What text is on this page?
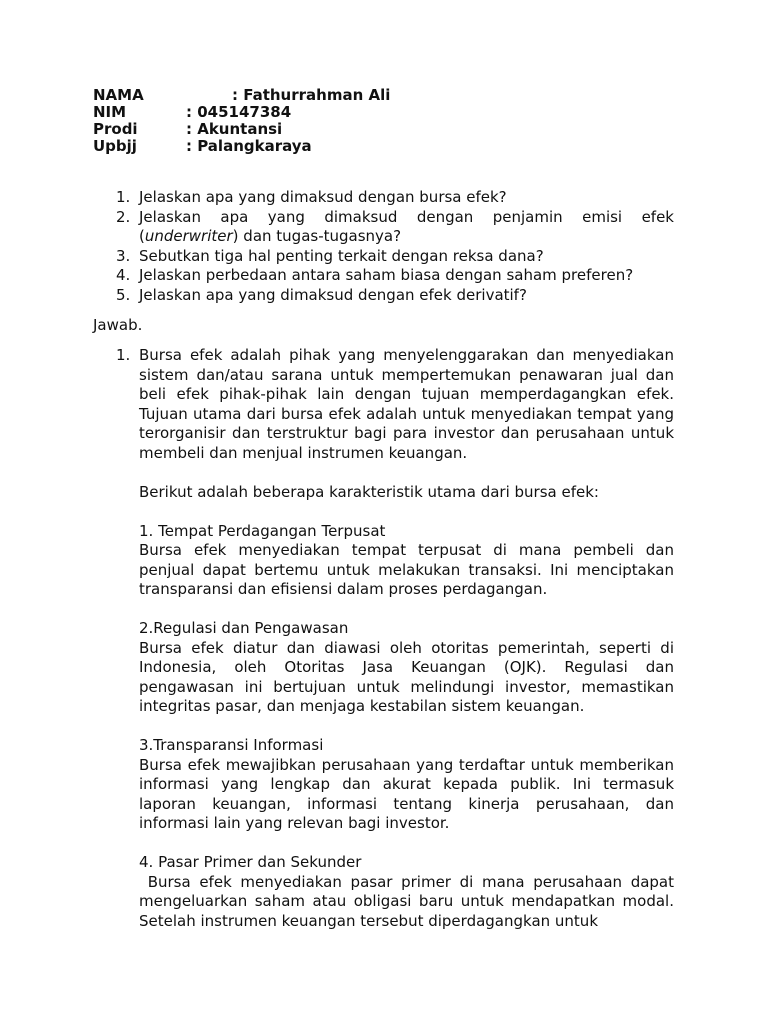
NAMA	: Fathurrahman Ali
NIM	: 045147384
Prodi	: Akuntansi
Upbjj	: Palangkaraya
1. Jelaskan apa yang dimaksud dengan bursa efek?
2. Jelaskan apa yang dimaksud dengan penjamin emisi efek (underwriter) dan tugas-tugasnya?
3. Sebutkan tiga hal penting terkait dengan reksa dana?
4. Jelaskan perbedaan antara saham biasa dengan saham preferen?
5. Jelaskan apa yang dimaksud dengan efek derivatif?
Jawab.
1. Bursa efek adalah pihak yang menyelenggarakan dan menyediakan sistem dan/atau sarana untuk mempertemukan penawaran jual dan beli efek pihak-pihak lain dengan tujuan memperdagangkan efek. Tujuan utama dari bursa efek adalah untuk menyediakan tempat yang terorganisir dan terstruktur bagi para investor dan perusahaan untuk membeli dan menjual instrumen keuangan.

Berikut adalah beberapa karakteristik utama dari bursa efek:

1. Tempat Perdagangan Terpusat

Bursa efek menyediakan tempat terpusat di mana pembeli dan penjual dapat bertemu untuk melakukan transaksi. Ini menciptakan transparansi dan efisiensi dalam proses perdagangan.

2.Regulasi dan Pengawasan

Bursa efek diatur dan diawasi oleh otoritas pemerintah, seperti di Indonesia, oleh Otoritas Jasa Keuangan (OJK). Regulasi dan pengawasan ini bertujuan untuk melindungi investor, memastikan integritas pasar, dan menjaga kestabilan sistem keuangan.

3.Transparansi Informasi

Bursa efek mewajibkan perusahaan yang terdaftar untuk memberikan informasi yang lengkap dan akurat kepada publik. Ini termasuk laporan keuangan, informasi tentang kinerja perusahaan, dan informasi lain yang relevan bagi investor.

4. Pasar Primer dan Sekunder

Bursa efek menyediakan pasar primer di mana perusahaan dapat mengeluarkan saham atau obligasi baru untuk mendapatkan modal. Setelah instrumen keuangan tersebut diperdagangkan untuk
